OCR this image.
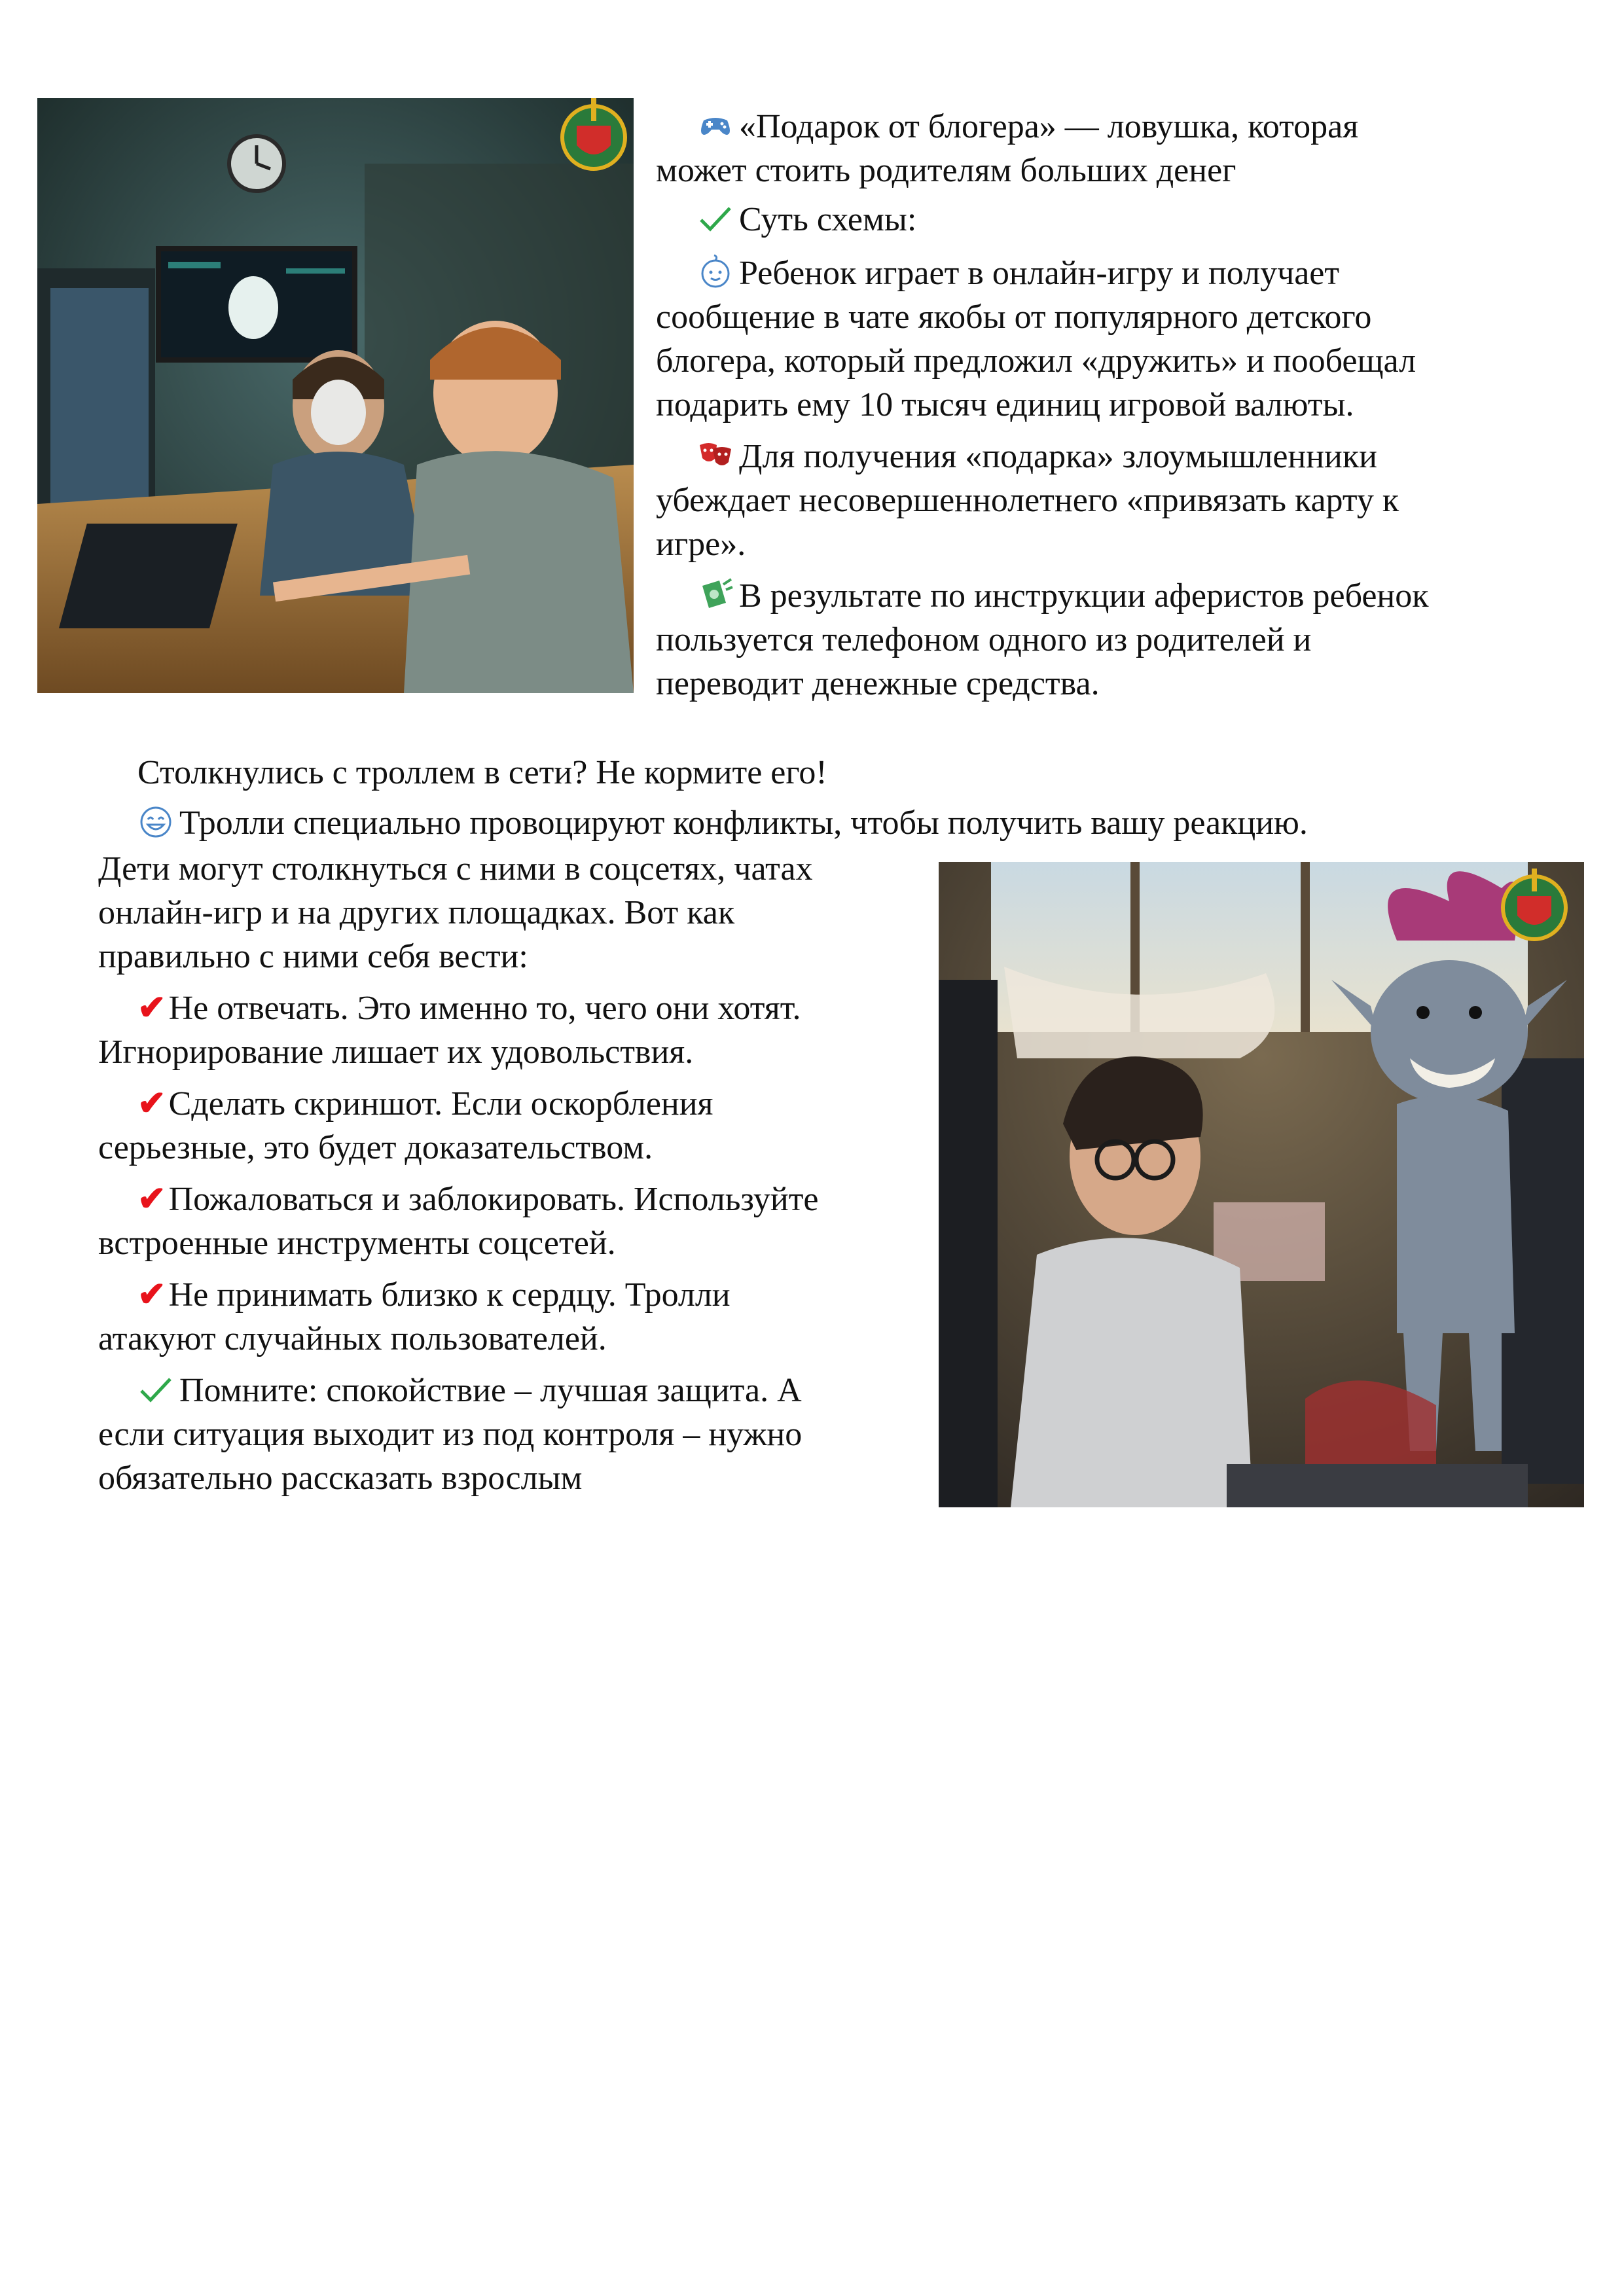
«Подарок от блогера» — ловушка, которая

может стоить родителям больших денег

Суть схемы:

Ребенок играет в онлайн-игру и получает

сообщение в чате якобы от популярного детского

блогера, который предложил «дружить» и пообещал

подарить ему 10 тысяч единиц игровой валюты.

Для получения «подарка» злоумышленники

убеждает несовершеннолетнего «привязать карту к

игре».

В результате по инструкции аферистов ребенок

пользуется телефоном одного из родителей и

переводит денежные средства.

Столкнулись с троллем в сети? Не кормите его!

Тролли специально провоцируют конфликты, чтобы получить вашу реакцию.

Дети могут столкнуться с ними в соцсетях, чатах

онлайн-игр и на других площадках. Вот как

правильно с ними себя вести:

✔Не отвечать. Это именно то, чего они хотят.

Игнорирование лишает их удовольствия.

✔Сделать скриншот. Если оскорбления

серьезные, это будет доказательством.

✔Пожаловаться и заблокировать. Используйте

встроенные инструменты соцсетей.

✔Не принимать близко к сердцу. Тролли

атакуют случайных пользователей.

Помните: спокойствие – лучшая защита. А

если ситуация выходит из под контроля – нужно

обязательно рассказать взрослым
